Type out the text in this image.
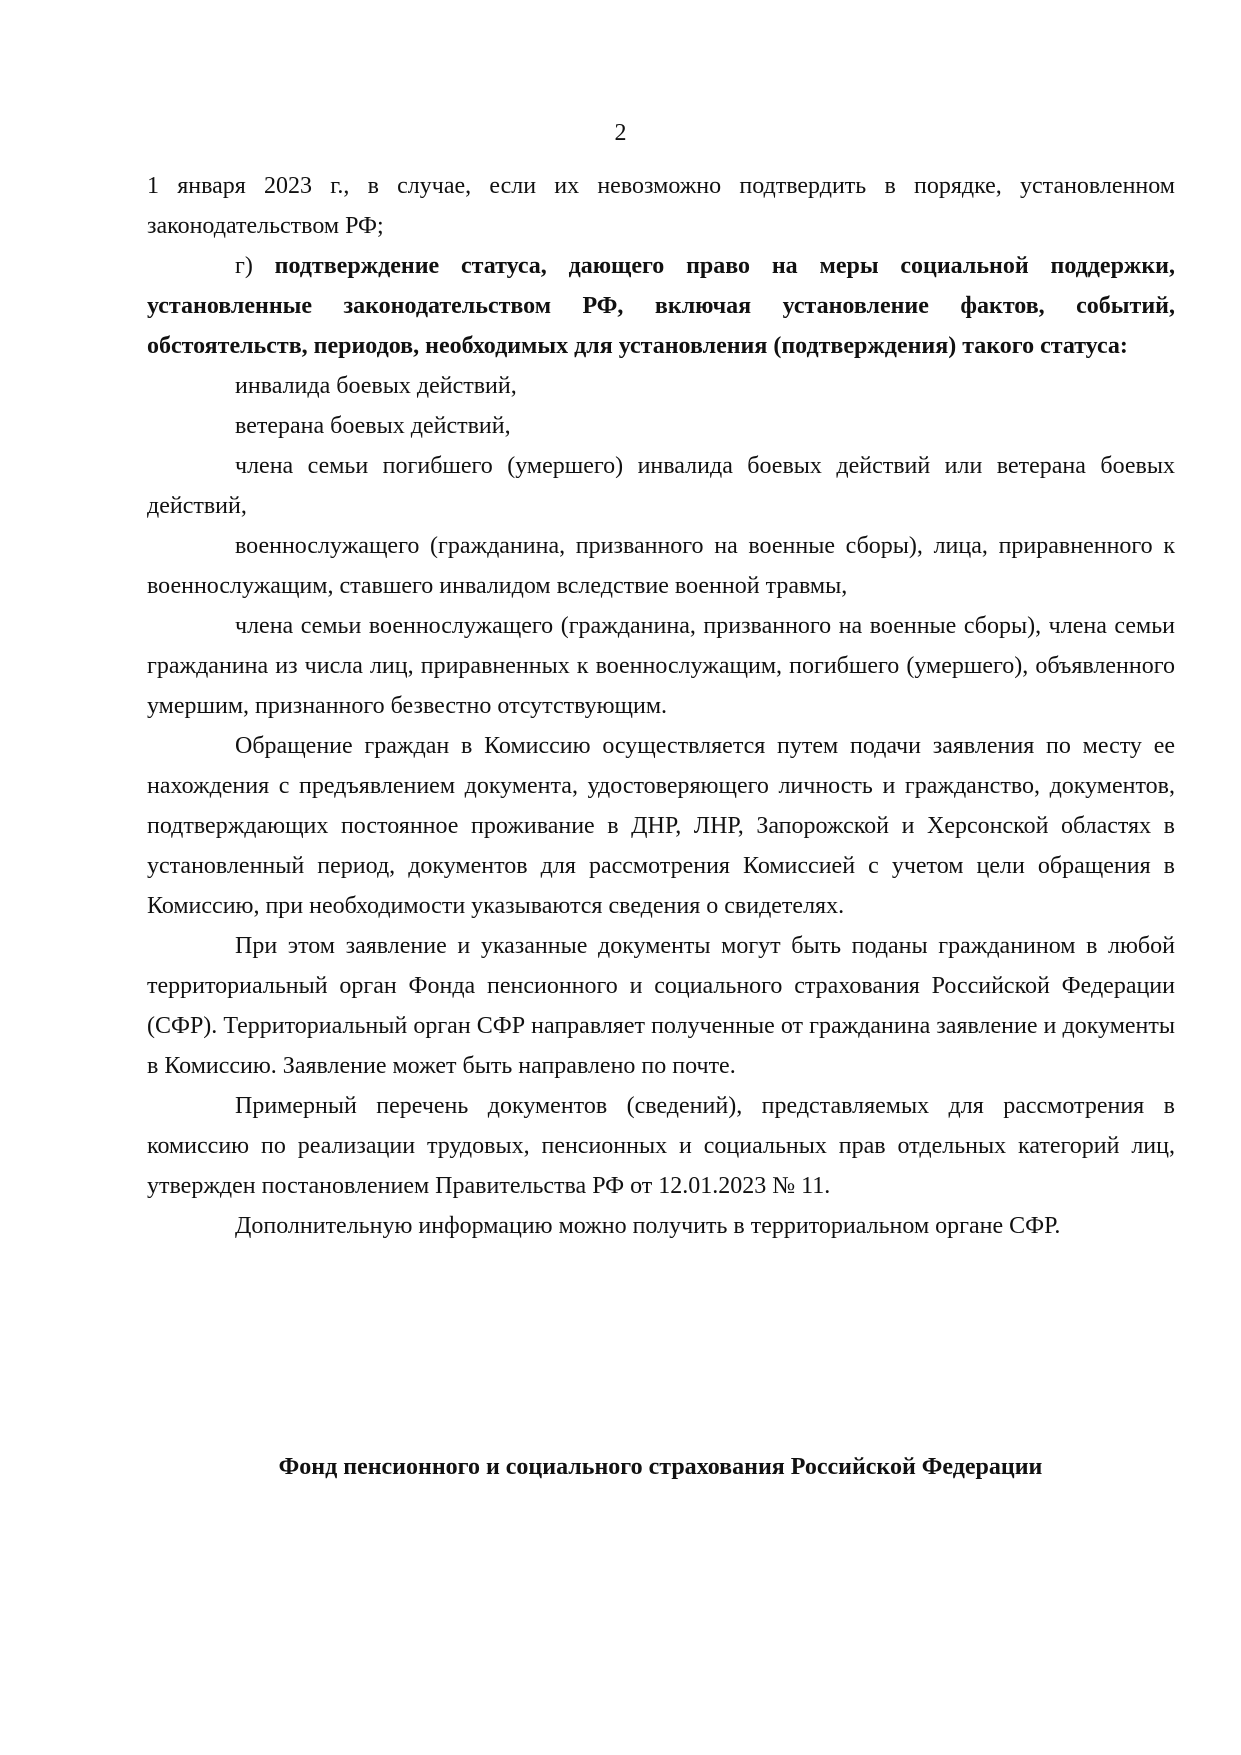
2

1 января 2023 г., в случае, если их невозможно подтвердить в порядке, установленном законодательством РФ;

г) подтверждение статуса, дающего право на меры социальной поддержки, установленные законодательством РФ, включая установление фактов, событий, обстоятельств, периодов, необходимых для установления (подтверждения) такого статуса:

инвалида боевых действий,

ветерана боевых действий,

члена семьи погибшего (умершего) инвалида боевых действий или ветерана боевых действий,

военнослужащего (гражданина, призванного на военные сборы), лица, приравненного к военнослужащим, ставшего инвалидом вследствие военной травмы,

члена семьи военнослужащего (гражданина, призванного на военные сборы), члена семьи гражданина из числа лиц, приравненных к военнослужащим, погибшего (умершего), объявленного умершим, признанного безвестно отсутствующим.

Обращение граждан в Комиссию осуществляется путем подачи заявления по месту ее нахождения с предъявлением документа, удостоверяющего личность и гражданство, документов, подтверждающих постоянное проживание в ДНР, ЛНР, Запорожской и Херсонской областях в установленный период, документов для рассмотрения Комиссией с учетом цели обращения в Комиссию, при необходимости указываются сведения о свидетелях.

При этом заявление и указанные документы могут быть поданы гражданином в любой территориальный орган Фонда пенсионного и социального страхования Российской Федерации (СФР). Территориальный орган СФР направляет полученные от гражданина заявление и документы в Комиссию. Заявление может быть направлено по почте.

Примерный перечень документов (сведений), представляемых для рассмотрения в комиссию по реализации трудовых, пенсионных и социальных прав отдельных категорий лиц, утвержден постановлением Правительства РФ от 12.01.2023 № 11.

Дополнительную информацию можно получить в территориальном органе СФР.

Фонд пенсионного и социального страхования Российской Федерации
